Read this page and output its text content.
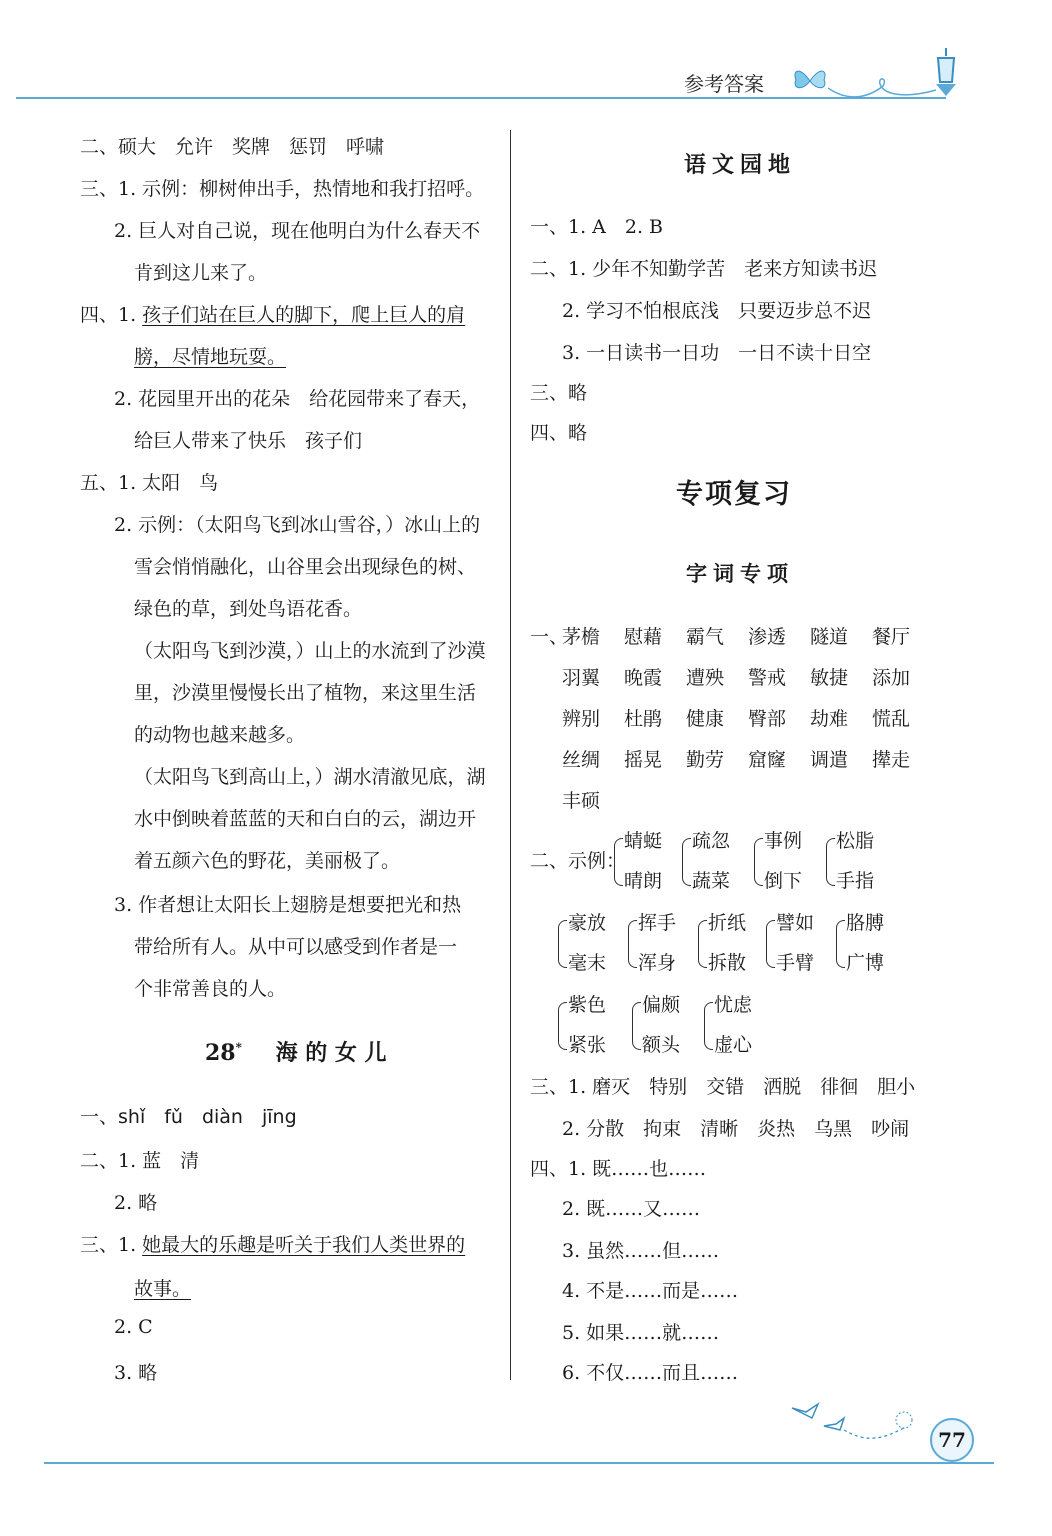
参考答案
二、硕大　允许　奖牌　惩罚　呼啸
三、1. 示例：柳树伸出手，热情地和我打招呼。
2. 巨人对自己说，现在他明白为什么春天不
肯到这儿来了。
四、1. 孩子们站在巨人的脚下，爬上巨人的肩
膀，尽情地玩耍。
2. 花园里开出的花朵　给花园带来了春天，
给巨人带来了快乐　孩子们
五、1. 太阳　鸟
2. 示例：（太阳鸟飞到冰山雪谷，）冰山上的
雪会悄悄融化，山谷里会出现绿色的树、
绿色的草，到处鸟语花香。
（太阳鸟飞到沙漠，）山上的水流到了沙漠
里，沙漠里慢慢长出了植物，来这里生活
的动物也越来越多。
（太阳鸟飞到高山上，）湖水清澈见底，湖
水中倒映着蓝蓝的天和白白的云，湖边开
着五颜六色的野花，美丽极了。
3. 作者想让太阳长上翅膀是想要把光和热
带给所有人。从中可以感受到作者是一
个非常善良的人。
28* 海 的 女 儿
一、shǐ　fǔ　diàn　jīng
二、1. 蓝　清
2. 略
三、1. 她最大的乐趣是听关于我们人类世界的
故事。
2. C
3. 略
语文园地
一、1. A　2. B
二、1. 少年不知勤学苦　老来方知读书迟
2. 学习不怕根底浅　只要迈步总不迟
3. 一日读书一日功　一日不读十日空
三、略
四、略
专项复习
字词专项
一、
茅檐 慰藉 霸气 渗透 隧道 餐厅
羽翼 晚霞 遭殃 警戒 敏捷 添加
辨别 杜鹃 健康 臀部 劫难 慌乱
丝绸 摇晃 勤劳 窟窿 调遣 撵走
丰硕
二、示例：
蜻蜓
晴朗
疏忽
蔬菜
事例
倒下
松脂
手指
豪放
毫末
挥手
浑身
折纸
拆散
譬如
手臂
胳膊
广博
紫色
紧张
偏颇
额头
忧虑
虚心
三、1. 磨灭　特别　交错　洒脱　徘徊　胆小
2. 分散　拘束　清晰　炎热　乌黑　吵闹
四、1. 既……也……
2. 既……又……
3. 虽然……但……
4. 不是……而是……
5. 如果……就……
6. 不仅……而且……
77
